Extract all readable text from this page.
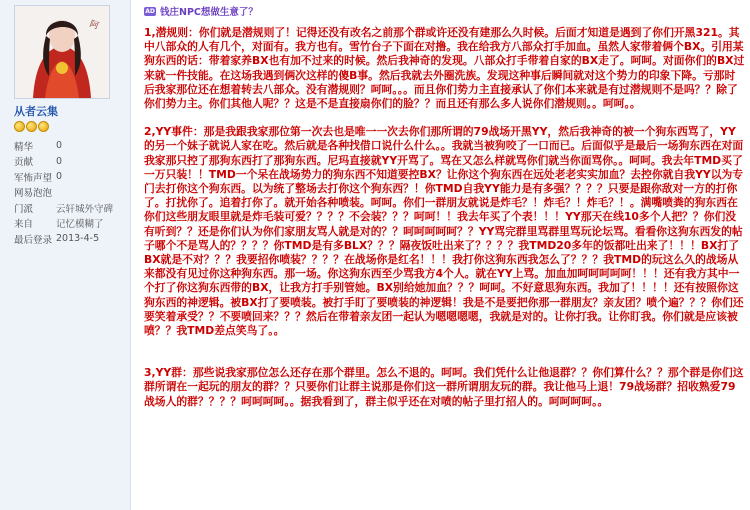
阿
从者云集
精华	0
贡献	0
军怖声望 0
网易泡泡
门派	云轩城外守碑
来自	记忆模糊了
最后登录 2013-4-5
AD 钱庄NPC想做生意了？

1,潜规则：你们就是潜规则了！记得还没有改名之前那个群或许还没有建那么久时候。后面才知道是遇到了你们开黑321。其中八部众的人有几个，对面有。我方也有。雪竹台子下面在对撸。我在给我方八部众打手加血。虽然人家带着俩个BX。引用某狗东西的话：带着家养BX也有加不过来的时候。然后我神奇的发现。八部众打手带着自家的BX走了。呵呵。对面你们的BX过来就一件技能。在这场我遇到俩次这样的傻B事。然后我就去外圈洗族。发现这种事后瞬间就对这个势力的印象下降。亏那时后我家那位还在想着转去八部众。没有潜规则？呵呵。。。而且你们势力主直接承认了你们本来就是有过潜规则不是吗？？除了你们势力主。你们其他人呢？？这是不是直接扇你们的脸？？而且还有那么多人说你们潜规则。。呵呵。。

2,YY事件：那是我跟我家那位第一次去也是唯一一次去你们那所谓的79战场开黑YY，然后我神奇的被一个狗东西骂了，YY的另一个妹子就说人家在吃。然后就是各种找借口说什么什么。。我就当被狗咬了一口而已。后面似乎是最后一场狗东西在对面我家那只控了那狗东西打了那狗东西。尼玛直接就YY开骂了。骂在又怎么样就骂你们就当你面骂你。。呵呵。我去年TMD买了一万只装！！TMD一个呆在战场势力的狗东西不知道要控BX？让你这个狗东西在远处老老实实加血？去控你就自我YY以为专门去打你这个狗东西。以为统了整场去打你这个狗东西？！你TMD自我YY能力是有多强？？？？只要是跟你敌对一方的打你了。打扰你了。追着打你了。就开始各种喷装。呵呵。你们一群朋友就说是炸毛？！炸毛？！炸毛？！。满嘴喷粪的狗东西在你们这些朋友眼里就是炸毛装可爱？？？？不会装？？？呵呵！！我去年买了个表！！！YY那天在线10多个人把？？你们没有听到？？还是你们认为你们家朋友骂人就是对的？？呵呵呵呵呵？？YY骂完群里骂群里骂玩论坛骂。看看你这狗东西发的帖子哪个不是骂人的？？？？你TMD是有多BLX？？？隔夜饭吐出来了？？？？我TMD20多年的饭都吐出来了！！！BX打了BX就是不对？？？我要招你喷装？？？？在战场你是红名！！！我打你这狗东西我怎么了？？？我TMD的玩这么久的战场从来都没有见过你这种狗东西。那一场。你这狗东西至少骂我方4个人。就在YY上骂。加血加呵呵呵呵呵！！！还有我方其中一个打了你这狗东西带的BX，让我方打手别管她。BX别给她加血？？？呵呵。不好意思狗东西。我加了！！！！还有按照你这狗东西的神逻辑。被BX打了要喷装。被打手盯了要喷装的神逻辑！我是不是要把你那一群朋友？亲友团？喷个遍？？？你们还要笑着承受？？不要喷回来？？？然后在带着亲友团一起认为嗯嗯嗯嗯，我就是对的。让你打我。让你盯我。你们就是应该被喷？？我TMD差点笑鸟了。。

3,YY群：那些说我家那位怎么还存在那个群里。怎么不退的。呵呵。我们凭什么让他退群？？你们算什么？？那个群是你们这群所谓在一起玩的朋友的群？？只要你们让群主说那是你们这一群所谓朋友玩的群。我让他马上退！79战场群？招收熟爱79战场人的群？？？？呵呵呵呵。。据我看到了，群主似乎还在对喷的帖子里打招人的。呵呵呵呵。。
